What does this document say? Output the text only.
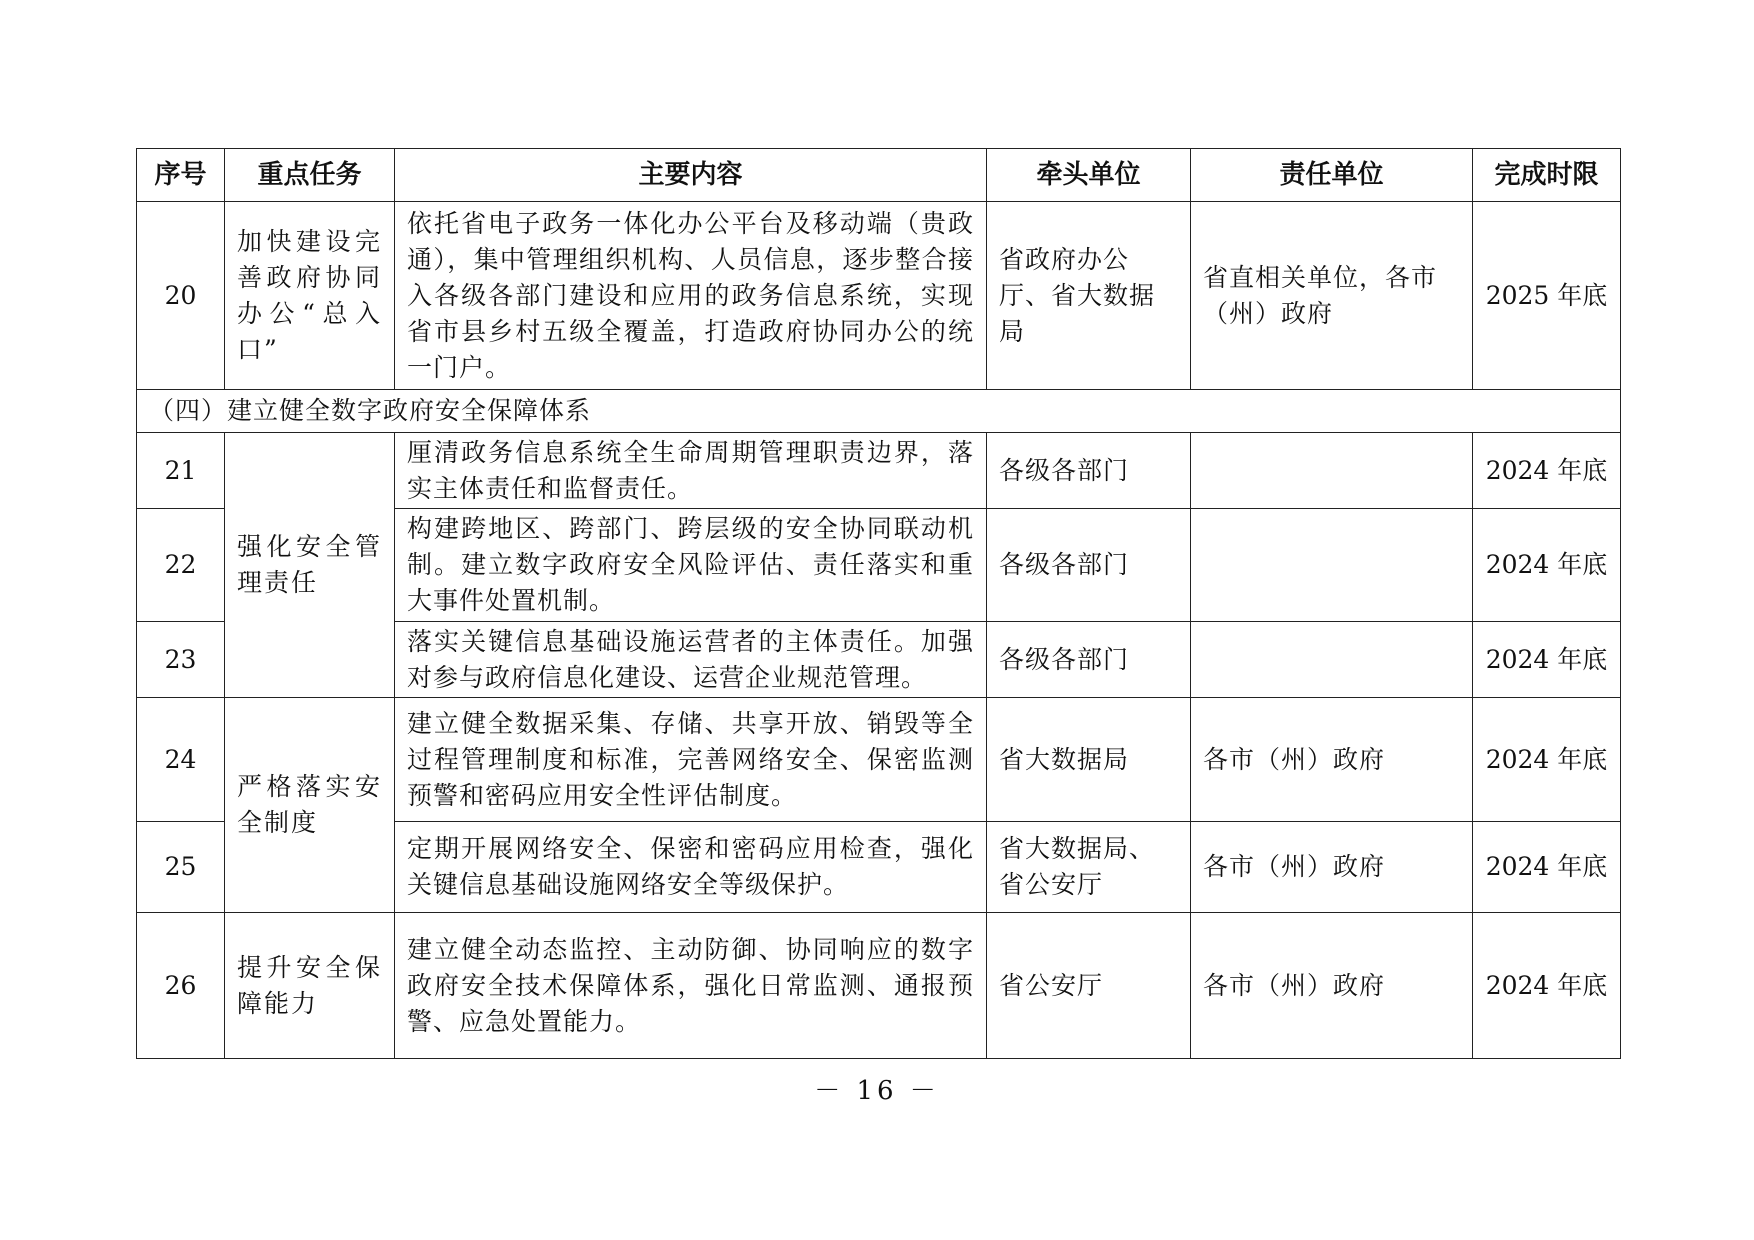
序号	重点任务	主要内容	牵头单位	责任单位	完成时限
20	加快建设完善政府协同办公“总入口”	依托省电子政务一体化办公平台及移动端（贵政通），集中管理组织机构、人员信息，逐步整合接入各级各部门建设和应用的政务信息系统，实现省市县乡村五级全覆盖，打造政府协同办公的统一门户。	省政府办公厅、省大数据局	省直相关单位，各市（州）政府	2025 年底
（四）建立健全数字政府安全保障体系					
21	强化安全管理责任	厘清政务信息系统全生命周期管理职责边界，落实主体责任和监督责任。	各级各部门		2024 年底
22		构建跨地区、跨部门、跨层级的安全协同联动机制。建立数字政府安全风险评估、责任落实和重大事件处置机制。	各级各部门		2024 年底
23		落实关键信息基础设施运营者的主体责任。加强对参与政府信息化建设、运营企业规范管理。	各级各部门		2024 年底
24	严格落实安全制度	建立健全数据采集、存储、共享开放、销毁等全过程管理制度和标准，完善网络安全、保密监测预警和密码应用安全性评估制度。	省大数据局	各市（州）政府	2024 年底
25		定期开展网络安全、保密和密码应用检查，强化关键信息基础设施网络安全等级保护。	省大数据局、省公安厅	各市（州）政府	2024 年底
26	提升安全保障能力	建立健全动态监控、主动防御、协同响应的数字政府安全技术保障体系，强化日常监测、通报预警、应急处置能力。	省公安厅	各市（州）政府	2024 年底
－ 16 －
